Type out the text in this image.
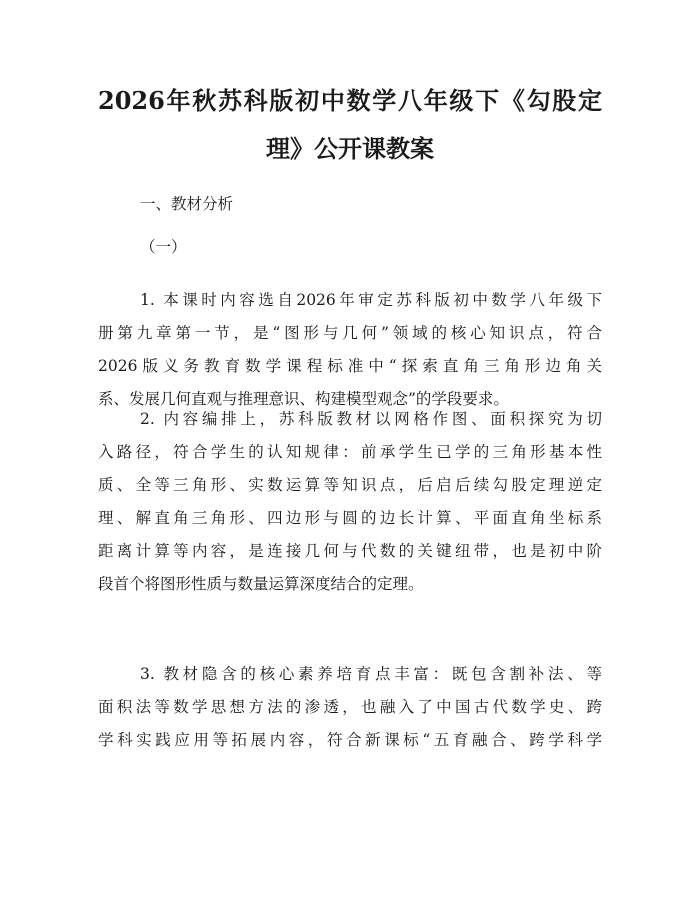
2026年秋苏科版初中数学八年级下《勾股定
理》公开课教案

一、教材分析

（一）

1. 本课时内容选自2026年审定苏科版初中数学八年级下
册第九章第一节，是“图形与几何”领域的核心知识点，符合
2026版义务教育数学课程标准中“探索直角三角形边角关
系、发展几何直观与推理意识、构建模型观念”的学段要求。
2. 内容编排上，苏科版教材以网格作图、面积探究为切
入路径，符合学生的认知规律：前承学生已学的三角形基本性
质、全等三角形、实数运算等知识点，后启后续勾股定理逆定
理、解直角三角形、四边形与圆的边长计算、平面直角坐标系
距离计算等内容，是连接几何与代数的关键纽带，也是初中阶
段首个将图形性质与数量运算深度结合的定理。
3. 教材隐含的核心素养培育点丰富：既包含割补法、等
面积法等数学思想方法的渗透，也融入了中国古代数学史、跨
学科实践应用等拓展内容，符合新课标“五育融合、跨学科学
